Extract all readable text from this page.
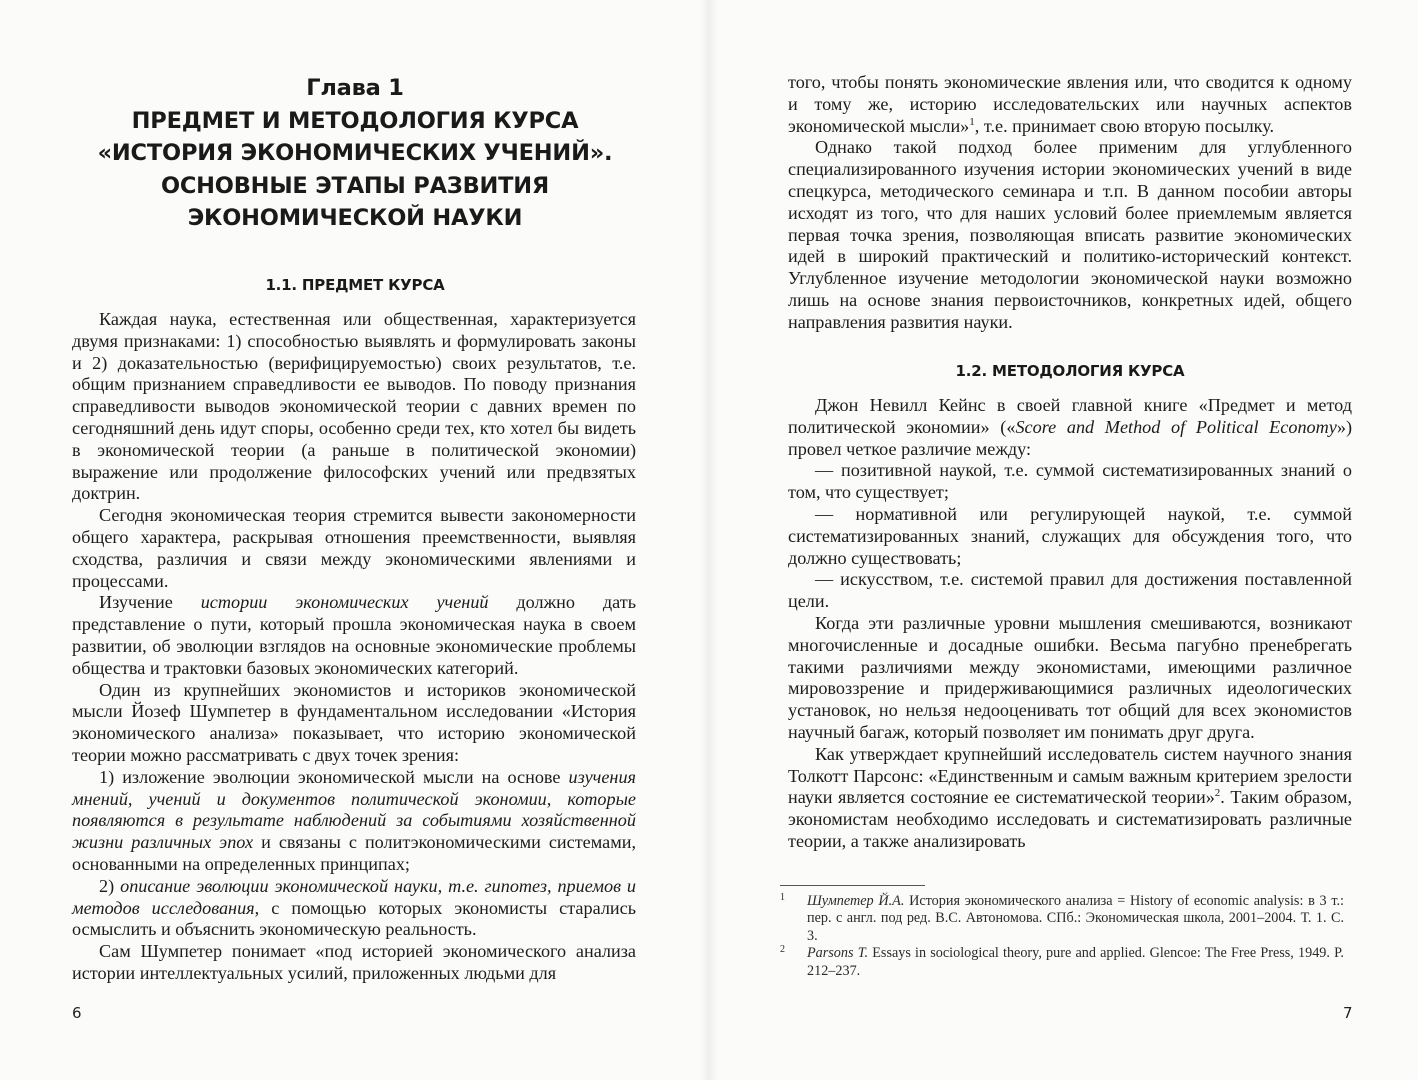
Глава 1
ПРЕДМЕТ И МЕТОДОЛОГИЯ КУРСА
«ИСТОРИЯ ЭКОНОМИЧЕСКИХ УЧЕНИЙ».
ОСНОВНЫЕ ЭТАПЫ РАЗВИТИЯ
ЭКОНОМИЧЕСКОЙ НАУКИ
1.1. ПРЕДМЕТ КУРСА

Каждая наука, естественная или общественная, характеризуется двумя признаками: 1) способностью выявлять и формулировать законы и 2) доказательностью (верифицируемостью) своих результатов, т.е. общим признанием справедливости ее выводов. По поводу признания справедливости выводов экономической теории с давних времен по сегодняшний день идут споры, особенно среди тех, кто хотел бы видеть в экономической теории (а раньше в политической экономии) выражение или продолжение философских учений или предвзятых доктрин.

Сегодня экономическая теория стремится вывести закономерности общего характера, раскрывая отношения преемственности, выявляя сходства, различия и связи между экономическими явлениями и процессами.

Изучение истории экономических учений должно дать представление о пути, который прошла экономическая наука в своем развитии, об эволюции взглядов на основные экономические проблемы общества и трактовки базовых экономических категорий.

Один из крупнейших экономистов и историков экономической мысли Йозеф Шумпетер в фундаментальном исследовании «История экономического анализа» показывает, что историю экономической теории можно рассматривать с двух точек зрения:

1) изложение эволюции экономической мысли на основе изучения мнений, учений и документов политической экономии, которые появляются в результате наблюдений за событиями хозяйственной жизни различных эпох и связаны с политэкономическими системами, основанными на определенных принципах;

2) описание эволюции экономической науки, т.е. гипотез, приемов и методов исследования, с помощью которых экономисты старались осмыслить и объяснить экономическую реальность.

Сам Шумпетер понимает «под историей экономического анализа истории интеллектуальных усилий, приложенных людьми для

6

того, чтобы понять экономические явления или, что сводится к одному и тому же, историю исследовательских или научных аспектов экономической мысли»$^1$, т.е. принимает свою вторую посылку.

Однако такой подход более применим для углубленного специализированного изучения истории экономических учений в виде спецкурса, методического семинара и т.п. В данном пособии авторы исходят из того, что для наших условий более приемлемым является первая точка зрения, позволяющая вписать развитие экономических идей в широкий практический и политико-исторический контекст. Углубленное изучение методологии экономической науки возможно лишь на основе знания первоисточников, конкретных идей, общего направления развития науки.

1.2. МЕТОДОЛОГИЯ КУРСА

Джон Невилл Кейнс в своей главной книге «Предмет и метод политической экономии» («Score and Method of Political Economy») провел четкое различие между:

— позитивной наукой, т.е. суммой систематизированных знаний о том, что существует;

— нормативной или регулирующей наукой, т.е. суммой систематизированных знаний, служащих для обсуждения того, что должно существовать;

— искусством, т.е. системой правил для достижения поставленной цели.

Когда эти различные уровни мышления смешиваются, возникают многочисленные и досадные ошибки. Весьма пагубно пренебрегать такими различиями между экономистами, имеющими различное мировоззрение и придерживающимися различных идеологических установок, но нельзя недооценивать тот общий для всех экономистов научный багаж, который позволяет им понимать друг друга.

Как утверждает крупнейший исследователь систем научного знания Толкотт Парсонс: «Единственным и самым важным критерием зрелости науки является состояние ее систематической теории»$^2$. Таким образом, экономистам необходимо исследовать и систематизировать различные теории, а также анализировать

1 Шумпетер Й.А. История экономического анализа = History of economic analysis: в 3 т.: пер. с англ. под ред. В.С. Автономова. СПб.: Экономическая школа, 2001–2004. Т. 1. С. 3.
2 Parsons T. Essays in sociological theory, pure and applied. Glencoe: The Free Press, 1949. P. 212–237.
7
